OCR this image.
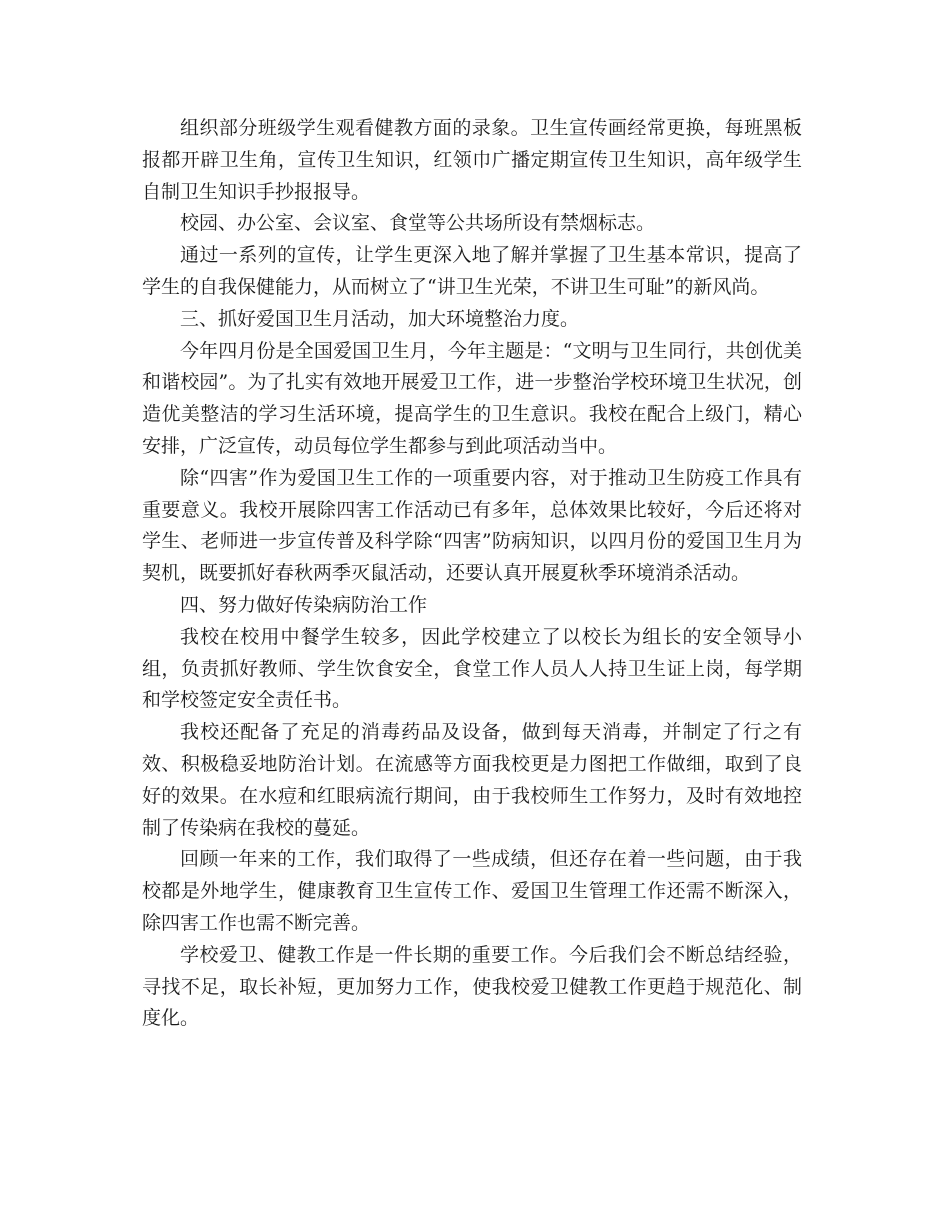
组织部分班级学生观看健教方面的录象。卫生宣传画经常更换，每班黑板报都开辟卫生角，宣传卫生知识，红领巾广播定期宣传卫生知识，高年级学生自制卫生知识手抄报报导。

校园、办公室、会议室、食堂等公共场所设有禁烟标志。

通过一系列的宣传，让学生更深入地了解并掌握了卫生基本常识，提高了学生的自我保健能力，从而树立了“讲卫生光荣，不讲卫生可耻”的新风尚。

三、抓好爱国卫生月活动，加大环境整治力度。

今年四月份是全国爱国卫生月，今年主题是：“文明与卫生同行，共创优美和谐校园”。为了扎实有效地开展爱卫工作，进一步整治学校环境卫生状况，创造优美整洁的学习生活环境，提高学生的卫生意识。我校在配合上级门，精心安排，广泛宣传，动员每位学生都参与到此项活动当中。

除“四害”作为爱国卫生工作的一项重要内容，对于推动卫生防疫工作具有重要意义。我校开展除四害工作活动已有多年，总体效果比较好，今后还将对学生、老师进一步宣传普及科学除“四害”防病知识，以四月份的爱国卫生月为契机，既要抓好春秋两季灭鼠活动，还要认真开展夏秋季环境消杀活动。

四、努力做好传染病防治工作

我校在校用中餐学生较多，因此学校建立了以校长为组长的安全领导小组，负责抓好教师、学生饮食安全，食堂工作人员人人持卫生证上岗，每学期和学校签定安全责任书。

我校还配备了充足的消毒药品及设备，做到每天消毒，并制定了行之有效、积极稳妥地防治计划。在流感等方面我校更是力图把工作做细，取到了良好的效果。在水痘和红眼病流行期间，由于我校师生工作努力，及时有效地控制了传染病在我校的蔓延。

回顾一年来的工作，我们取得了一些成绩，但还存在着一些问题，由于我校都是外地学生，健康教育卫生宣传工作、爱国卫生管理工作还需不断深入，除四害工作也需不断完善。

学校爱卫、健教工作是一件长期的重要工作。今后我们会不断总结经验，寻找不足，取长补短，更加努力工作，使我校爱卫健教工作更趋于规范化、制度化。
